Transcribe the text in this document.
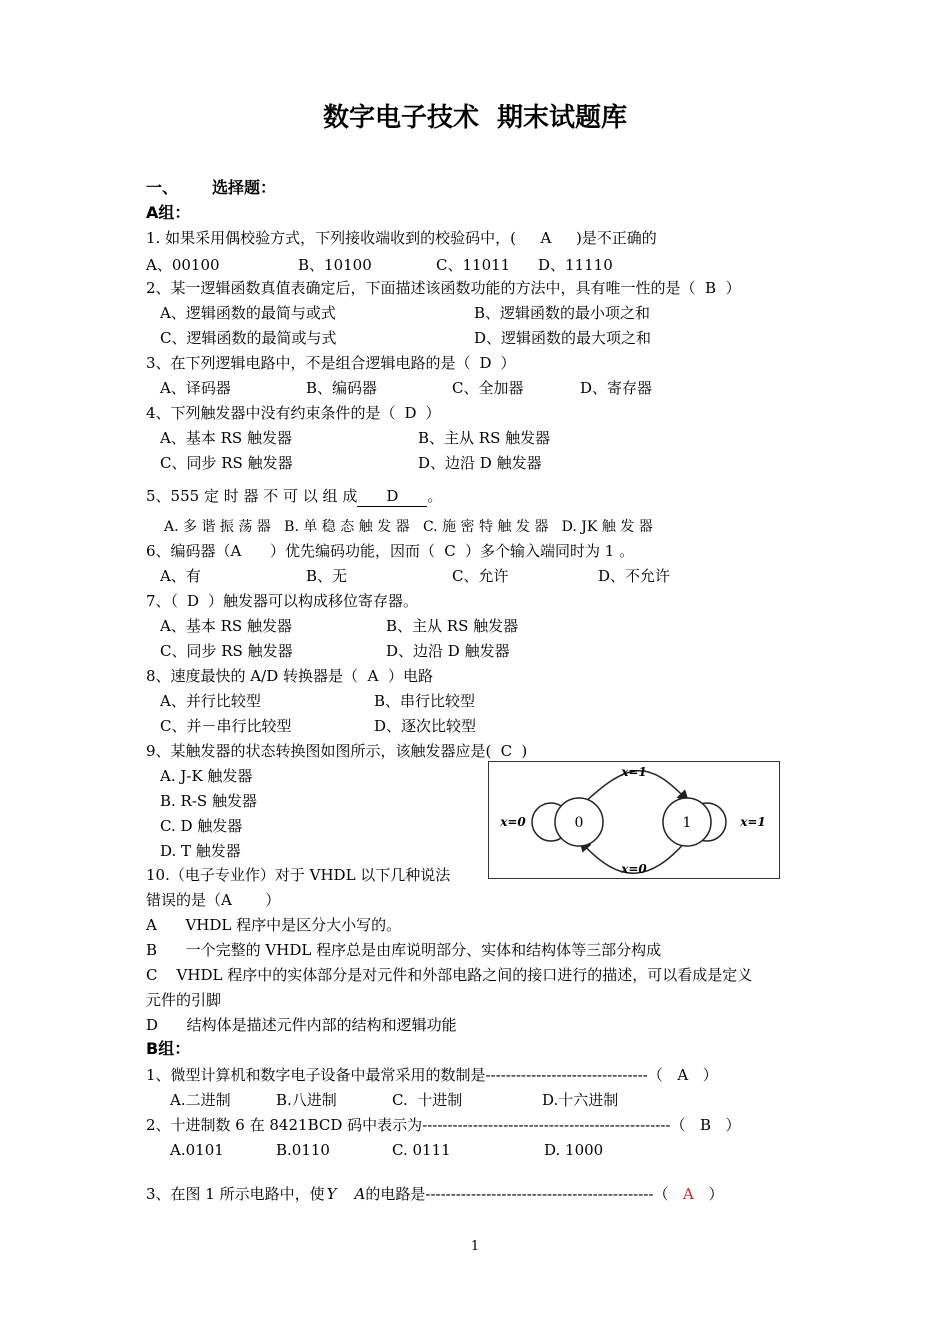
数字电子技术  期末试题库
一、 选择题：
A组：
1. 如果采用偶校验方式，下列接收端收到的校验码中，( A )是不正确的
A、00100	B、10100	C、11011 D、11110
2、某一逻辑函数真值表确定后，下面描述该函数功能的方法中，具有唯一性的是（ B ）
A、逻辑函数的最简与或式	B、逻辑函数的最小项之和
C、逻辑函数的最简或与式	D、逻辑函数的最大项之和
3、在下列逻辑电路中，不是组合逻辑电路的是（ D ）
A、译码器	B、编码器	C、全加器	D、寄存器
4、下列触发器中没有约束条件的是（ D ）
A、基本 RS 触发器	B、主从 RS 触发器
C、同步 RS 触发器	D、边沿 D 触发器
5、555 定 时 器 不 可 以 组 成 D 。
A. 多 谐 振 荡 器   B. 单 稳 态 触 发 器   C. 施 密 特 触 发 器   D. JK 触 发 器
6、编码器（A      ）优先编码功能，因而（ C ）多个输入端同时为 1 。
A、有	B、无	C、允许	D、不允许
7、（ D ）触发器可以构成移位寄存器。
A、基本 RS 触发器	B、主从 RS 触发器
C、同步 RS 触发器	D、边沿 D 触发器
8、速度最快的 A/D 转换器是（ A ）电路
A、并行比较型	B、串行比较型
C、并－串行比较型	D、逐次比较型
9、某触发器的状态转换图如图所示，该触发器应是( C )
A. J-K 触发器
B. R-S 触发器
C. D 触发器
D. T 触发器
0	1
x=0	x=1
x=1
x=0
10.（电子专业作）对于 VHDL 以下几种说法
错误的是（A       ）
A      VHDL 程序中是区分大小写的。
B      一个完整的 VHDL 程序总是由库说明部分、实体和结构体等三部分构成
C    VHDL 程序中的实体部分是对元件和外部电路之间的接口进行的描述，可以看成是定义
元件的引脚
D      结构体是描述元件内部的结构和逻辑功能
B组：
1、微型计算机和数字电子设备中最常采用的数制是--------------------------------（ A ）
A.二进制	B.八进制	C.  十进制	D.十六进制
2、十进制数 6 在 8421BCD 码中表示为-------------------------------------------------（ B ）
A.0101	B.0110	C. 0111	D. 1000
3、在图 1 所示电路中，使 Y A的电路是---------------------------------------------（ A ）
1
